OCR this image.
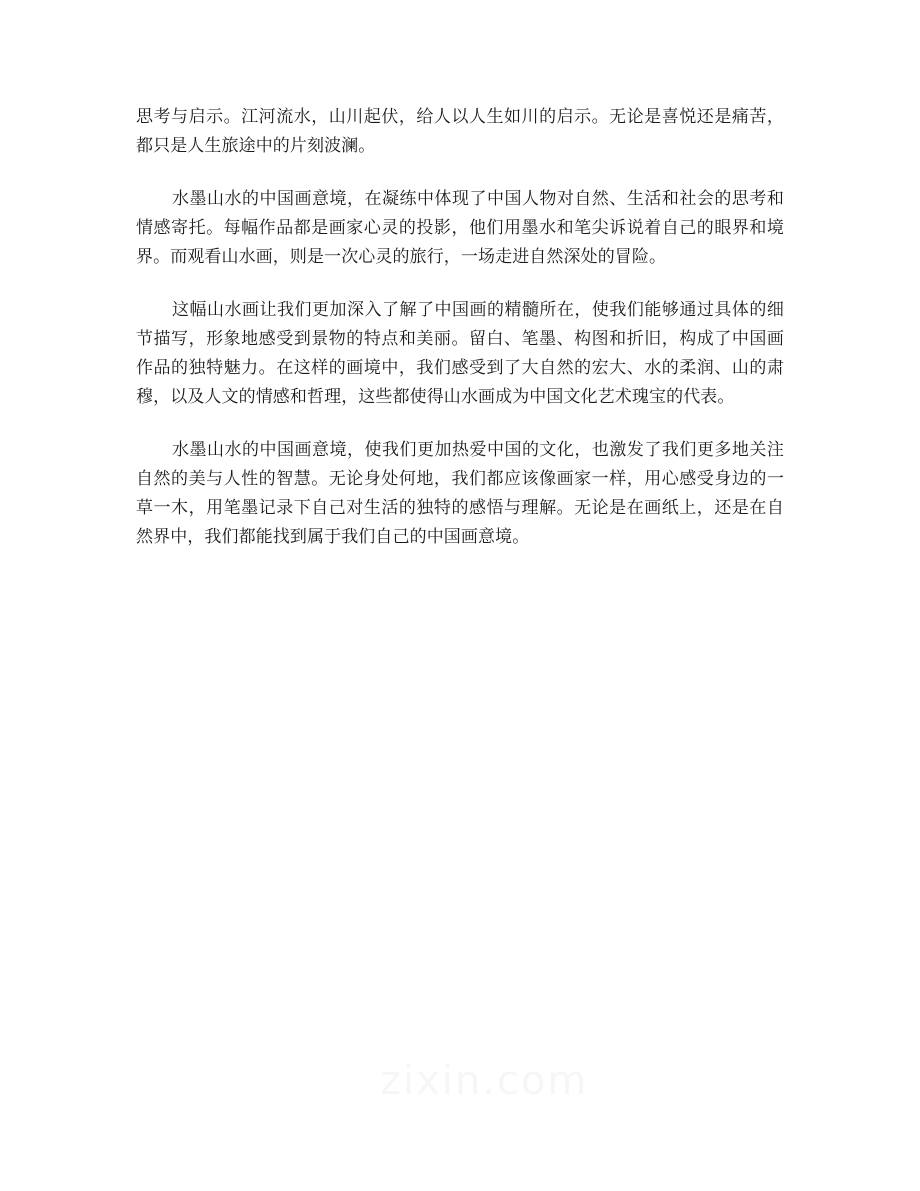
思考与启示。江河流水，山川起伏，给人以人生如川的启示。无论是喜悦还是痛苦，都只是人生旅途中的片刻波澜。

水墨山水的中国画意境，在凝练中体现了中国人物对自然、生活和社会的思考和情感寄托。每幅作品都是画家心灵的投影，他们用墨水和笔尖诉说着自己的眼界和境界。而观看山水画，则是一次心灵的旅行，一场走进自然深处的冒险。

这幅山水画让我们更加深入了解了中国画的精髓所在，使我们能够通过具体的细节描写，形象地感受到景物的特点和美丽。留白、笔墨、构图和折旧，构成了中国画作品的独特魅力。在这样的画境中，我们感受到了大自然的宏大、水的柔润、山的肃穆，以及人文的情感和哲理，这些都使得山水画成为中国文化艺术瑰宝的代表。

水墨山水的中国画意境，使我们更加热爱中国的文化，也激发了我们更多地关注自然的美与人性的智慧。无论身处何地，我们都应该像画家一样，用心感受身边的一草一木，用笔墨记录下自己对生活的独特的感悟与理解。无论是在画纸上，还是在自然界中，我们都能找到属于我们自己的中国画意境。
